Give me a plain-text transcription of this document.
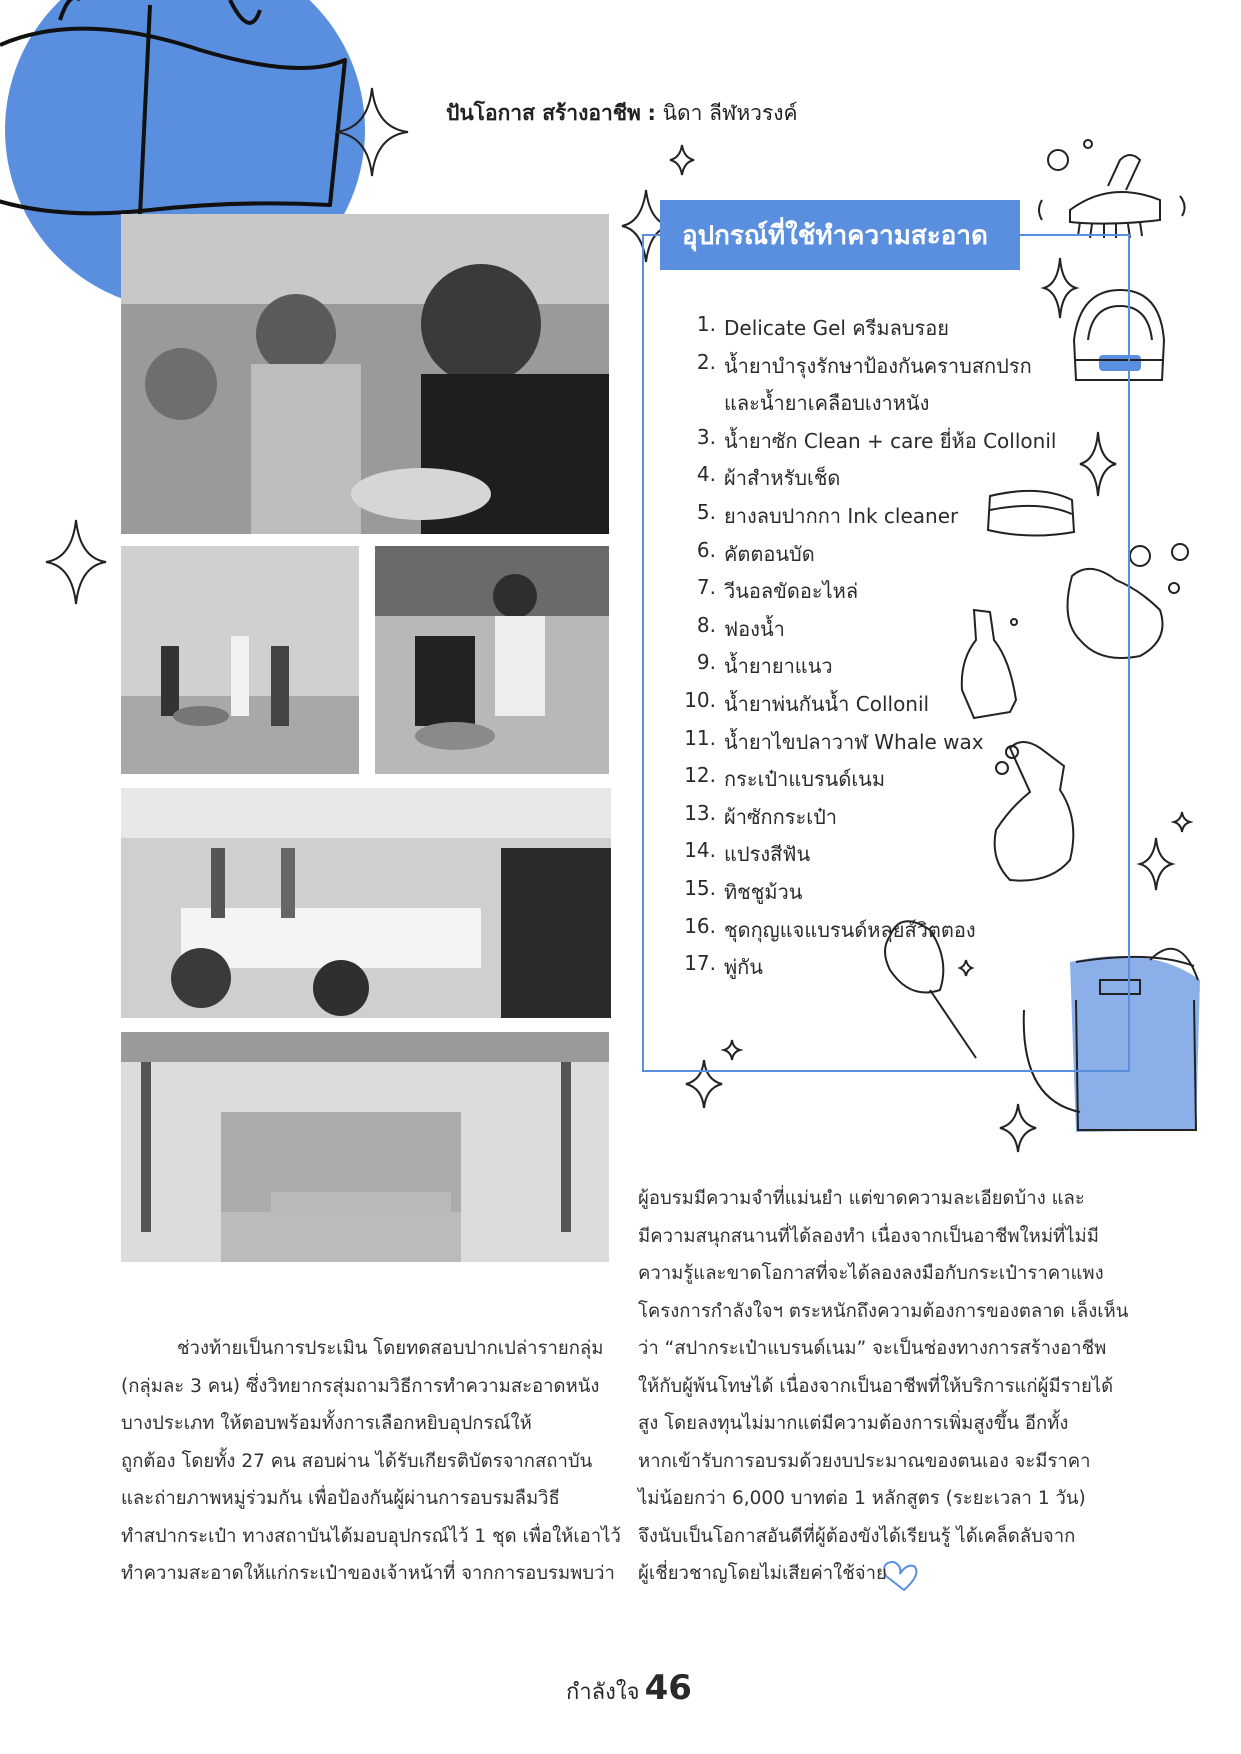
ปันโอกาส สร้างอาชีพ : นิดา ลีฬหวรงค์
อุปกรณ์ที่ใช้ทำความสะอาด
1. Delicate Gel ครีมลบรอย
2. น้ำยาบำรุงรักษาป้องกันคราบสกปรก
และน้ำยาเคลือบเงาหนัง
3. น้ำยาซัก Clean + care ยี่ห้อ Collonil
4. ผ้าสำหรับเช็ด
5. ยางลบปากกา Ink cleaner
6. คัตตอนบัด
7. วีนอลขัดอะไหล่
8. ฟองน้ำ
9. น้ำยายาแนว
10. น้ำยาพ่นกันน้ำ Collonil
11. น้ำยาไขปลาวาฬ Whale wax
12. กระเป๋าแบรนด์เนม
13. ผ้าซักกระเป๋า
14. แปรงสีฟัน
15. ทิชชูม้วน
16. ชุดกุญแจแบรนด์หลุยส์วิตตอง
17. พู่กัน
ช่วงท้ายเป็นการประเมิน โดยทดสอบปากเปล่ารายกลุ่ม
(กลุ่มละ 3 คน) ซึ่งวิทยากรสุ่มถามวิธีการทำความสะอาดหนัง
บางประเภท ให้ตอบพร้อมทั้งการเลือกหยิบอุปกรณ์ให้
ถูกต้อง โดยทั้ง 27 คน สอบผ่าน ได้รับเกียรติบัตรจากสถาบัน
และถ่ายภาพหมู่ร่วมกัน เพื่อป้องกันผู้ผ่านการอบรมลืมวิธี
ทำสปากระเป๋า ทางสถาบันได้มอบอุปกรณ์ไว้ 1 ชุด เพื่อให้เอาไว้
ทำความสะอาดให้แก่กระเป๋าของเจ้าหน้าที่ จากการอบรมพบว่า
ผู้อบรมมีความจำที่แม่นยำ แต่ขาดความละเอียดบ้าง และ
มีความสนุกสนานที่ได้ลองทำ เนื่องจากเป็นอาชีพใหม่ที่ไม่มี
ความรู้และขาดโอกาสที่จะได้ลองลงมือกับกระเป๋าราคาแพง
โครงการกำลังใจฯ ตระหนักถึงความต้องการของตลาด เล็งเห็น
ว่า “สปากระเป๋าแบรนด์เนม” จะเป็นช่องทางการสร้างอาชีพ
ให้กับผู้พ้นโทษได้ เนื่องจากเป็นอาชีพที่ให้บริการแก่ผู้มีรายได้
สูง โดยลงทุนไม่มากแต่มีความต้องการเพิ่มสูงขึ้น อีกทั้ง
หากเข้ารับการอบรมด้วยงบประมาณของตนเอง จะมีราคา
ไม่น้อยกว่า 6,000 บาทต่อ 1 หลักสูตร (ระยะเวลา 1 วัน)
จึงนับเป็นโอกาสอันดีที่ผู้ต้องขังได้เรียนรู้ ได้เคล็ดลับจาก
ผู้เชี่ยวชาญโดยไม่เสียค่าใช้จ่าย
กำลังใจ 46
